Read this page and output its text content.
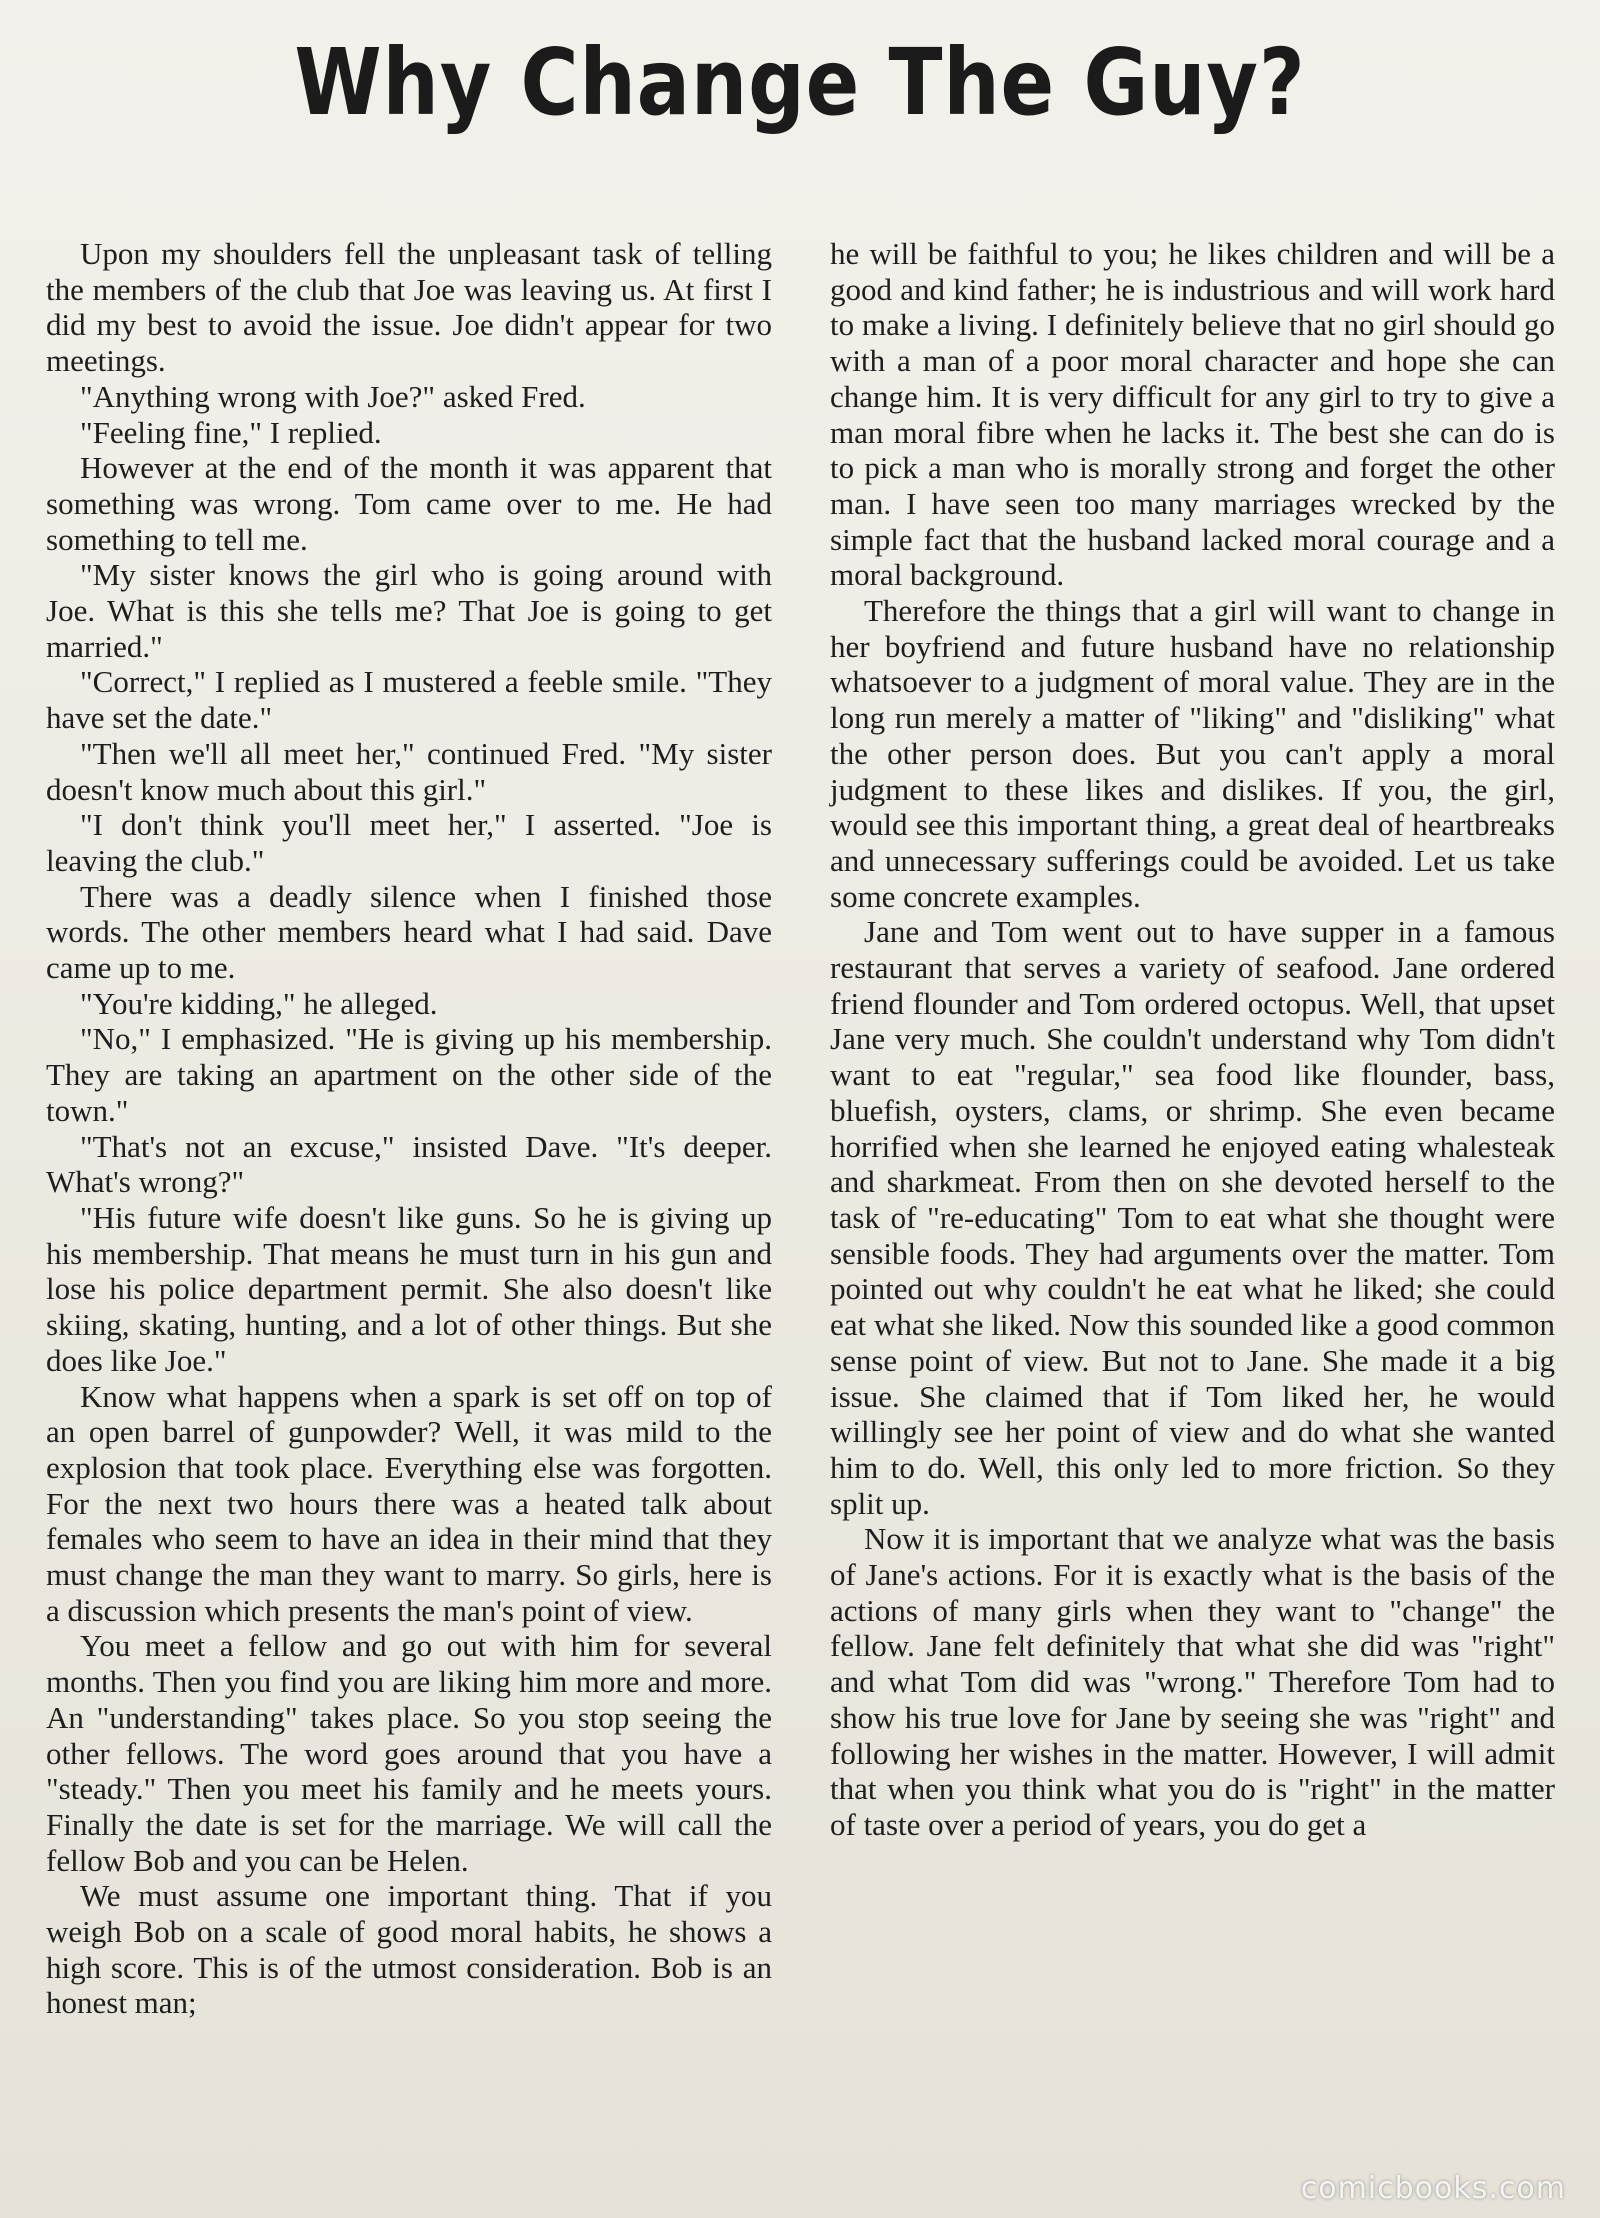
Why Change The Guy?

Upon my shoulders fell the unpleasant task of telling the members of the club that Joe was leaving us. At first I did my best to avoid the issue. Joe didn't appear for two meetings.

"Anything wrong with Joe?" asked Fred.

"Feeling fine," I replied.

However at the end of the month it was apparent that something was wrong. Tom came over to me. He had something to tell me.

"My sister knows the girl who is going around with Joe. What is this she tells me? That Joe is going to get married."

"Correct," I replied as I mustered a feeble smile. "They have set the date."

"Then we'll all meet her," continued Fred. "My sister doesn't know much about this girl."

"I don't think you'll meet her," I asserted. "Joe is leaving the club."

There was a deadly silence when I finished those words. The other members heard what I had said. Dave came up to me.

"You're kidding," he alleged.

"No," I emphasized. "He is giving up his membership. They are taking an apartment on the other side of the town."

"That's not an excuse," insisted Dave. "It's deeper. What's wrong?"

"His future wife doesn't like guns. So he is giving up his membership. That means he must turn in his gun and lose his police department permit. She also doesn't like skiing, skating, hunting, and a lot of other things. But she does like Joe."

Know what happens when a spark is set off on top of an open barrel of gunpowder? Well, it was mild to the explosion that took place. Everything else was forgotten. For the next two hours there was a heated talk about females who seem to have an idea in their mind that they must change the man they want to marry. So girls, here is a discussion which presents the man's point of view.

You meet a fellow and go out with him for several months. Then you find you are liking him more and more. An "understanding" takes place. So you stop seeing the other fellows. The word goes around that you have a "steady." Then you meet his family and he meets yours. Finally the date is set for the marriage. We will call the fellow Bob and you can be Helen.

We must assume one important thing. That if you weigh Bob on a scale of good moral habits, he shows a high score. This is of the utmost consideration. Bob is an honest man;

he will be faithful to you; he likes children and will be a good and kind father; he is industrious and will work hard to make a living. I definitely believe that no girl should go with a man of a poor moral character and hope she can change him. It is very difficult for any girl to try to give a man moral fibre when he lacks it. The best she can do is to pick a man who is morally strong and forget the other man. I have seen too many marriages wrecked by the simple fact that the husband lacked moral courage and a moral background.

Therefore the things that a girl will want to change in her boyfriend and future husband have no relationship whatsoever to a judgment of moral value. They are in the long run merely a matter of "liking" and "disliking" what the other person does. But you can't apply a moral judgment to these likes and dislikes. If you, the girl, would see this important thing, a great deal of heartbreaks and unnecessary sufferings could be avoided. Let us take some concrete examples.

Jane and Tom went out to have supper in a famous restaurant that serves a variety of seafood. Jane ordered friend flounder and Tom ordered octopus. Well, that upset Jane very much. She couldn't understand why Tom didn't want to eat "regular," sea food like flounder, bass, bluefish, oysters, clams, or shrimp. She even became horrified when she learned he enjoyed eating whalesteak and sharkmeat. From then on she devoted herself to the task of "re-educating" Tom to eat what she thought were sensible foods. They had arguments over the matter. Tom pointed out why couldn't he eat what he liked; she could eat what she liked. Now this sounded like a good common sense point of view. But not to Jane. She made it a big issue. She claimed that if Tom liked her, he would willingly see her point of view and do what she wanted him to do. Well, this only led to more friction. So they split up.

Now it is important that we analyze what was the basis of Jane's actions. For it is exactly what is the basis of the actions of many girls when they want to "change" the fellow. Jane felt definitely that what she did was "right" and what Tom did was "wrong." Therefore Tom had to show his true love for Jane by seeing she was "right" and following her wishes in the matter. However, I will admit that when you think what you do is "right" in the matter of taste over a period of years, you do get a

comicbooks.com
